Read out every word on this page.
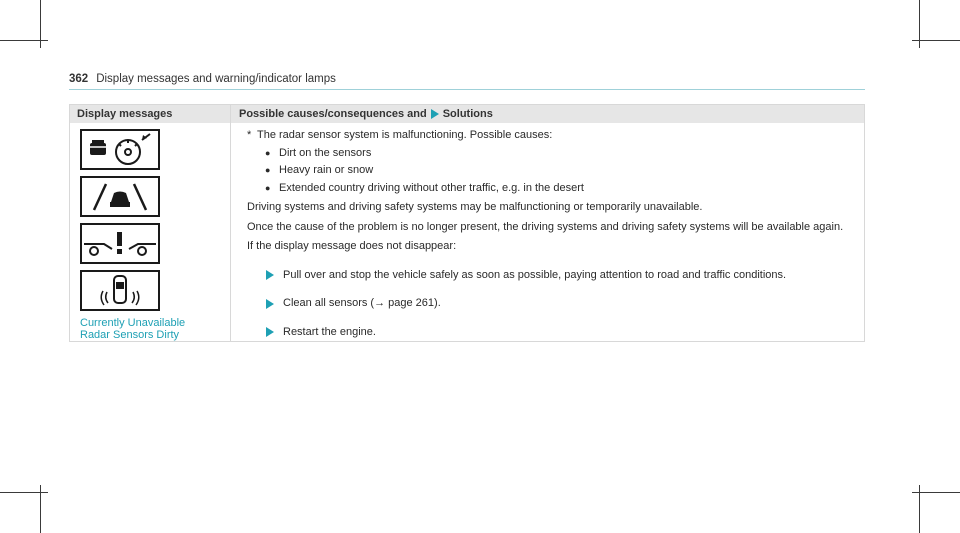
362 Display messages and warning/indicator lamps
Display messages	Possible causes/consequences and Solutions
Currently Unavailable
Radar Sensors Dirty
* The radar sensor system is malfunctioning. Possible causes:
● Dirt on the sensors
● Heavy rain or snow
● Extended country driving without other traffic, e.g. in the desert
Driving systems and driving safety systems may be malfunctioning or temporarily unavailable.
Once the cause of the problem is no longer present, the driving systems and driving safety systems will be available again.
If the display message does not disappear:
Pull over and stop the vehicle safely as soon as possible, paying attention to road and traffic conditions.
Clean all sensors (→ page 261).
Restart the engine.
